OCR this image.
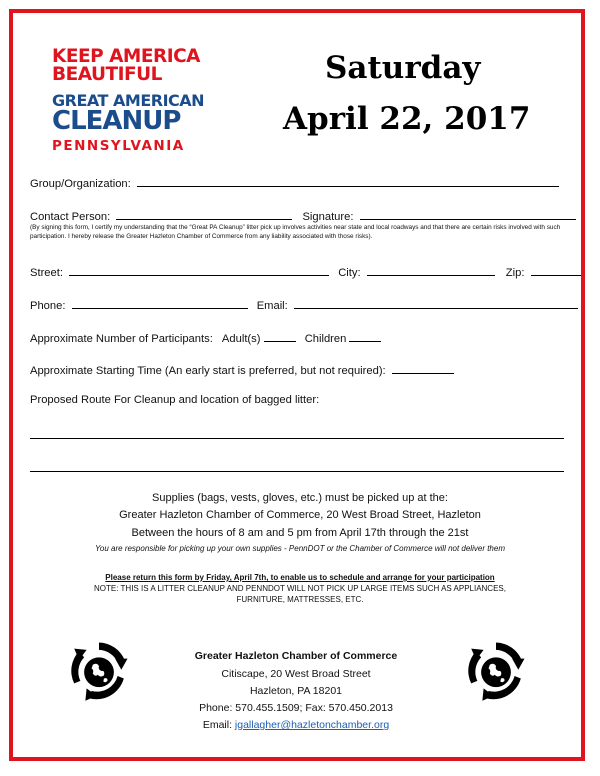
KEEP AMERICA
BEAUTIFUL
GREAT AMERICAN
CLEANUP
PENNSYLVANIA
Saturday
April 22, 2017
Group/Organization:
Contact Person:	Signature:
(By signing this form, I certify my understanding that the “Great PA Cleanup” litter pick up involves activities near state and local roadways and that there are certain risks involved with such participation. I hereby release the Greater Hazleton Chamber of Commerce from any liability associated with those risks).
Street:	City:	Zip:
Phone:	Email:
Approximate Number of Participants: Adult(s)	Children
Approximate Starting Time (An early start is preferred, but not required):
Proposed Route For Cleanup and location of bagged litter:
Supplies (bags, vests, gloves, etc.) must be picked up at the:
Greater Hazleton Chamber of Commerce, 20 West Broad Street, Hazleton
Between the hours of 8 am and 5 pm from April 17th through the 21st
You are responsible for picking up your own supplies - PennDOT or the Chamber of Commerce will not deliver them
Please return this form by Friday, April 7th, to enable us to schedule and arrange for your participation
NOTE: THIS IS A LITTER CLEANUP AND PENNDOT WILL NOT PICK UP LARGE ITEMS SUCH AS APPLIANCES,
FURNITURE, MATTRESSES, ETC.
Greater Hazleton Chamber of Commerce
Citiscape, 20 West Broad Street
Hazleton, PA 18201
Phone: 570.455.1509; Fax: 570.450.2013
Email: jgallagher@hazletonchamber.org
